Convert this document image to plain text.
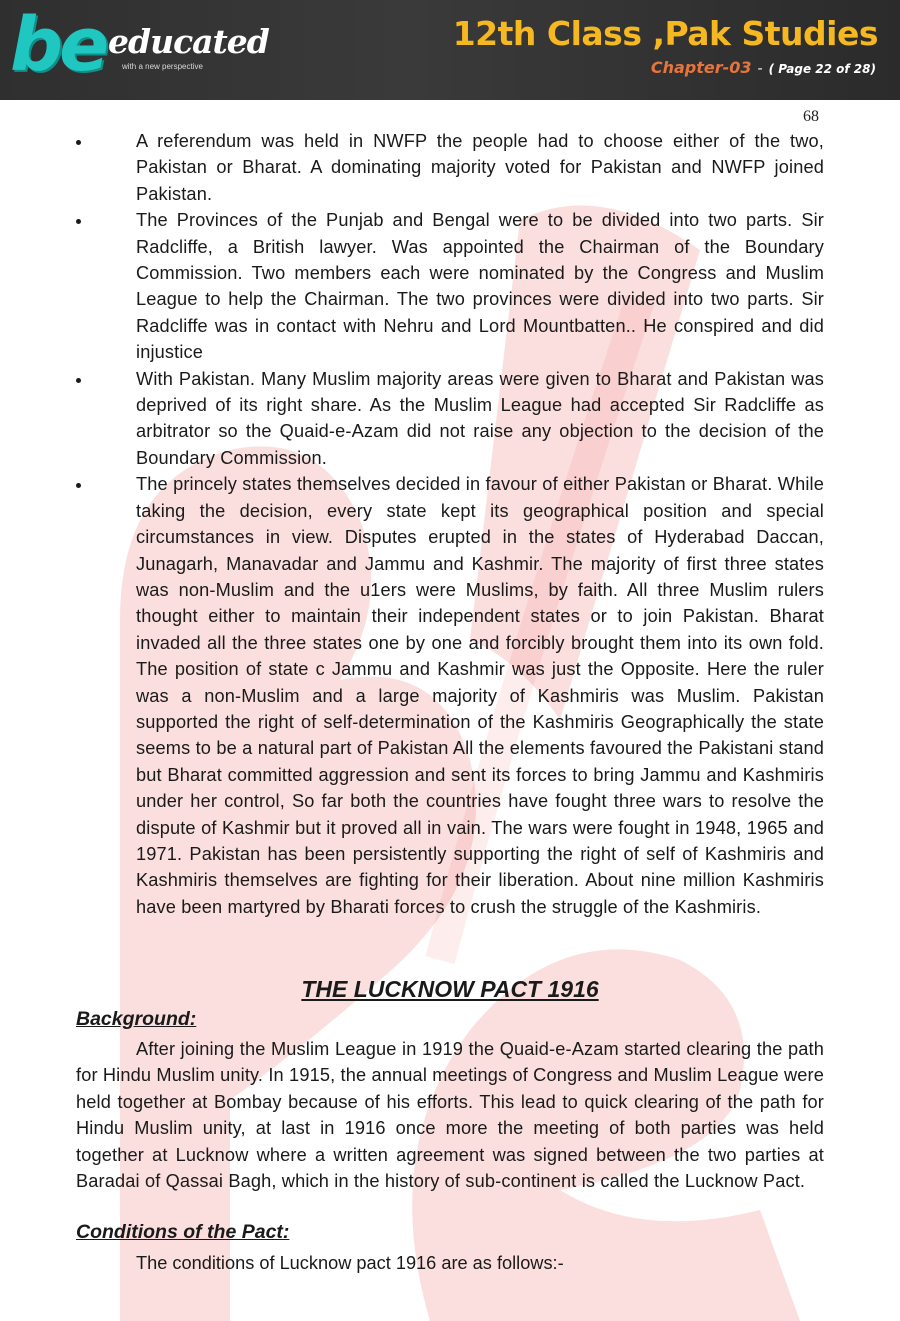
be educated
with a new perspective
12th Class ,Pak Studies
Chapter-03 - ( Page 22 of 28)
68

A referendum was held in NWFP the people had to choose either of the two, Pakistan or Bharat. A dominating majority voted for Pakistan and NWFP joined Pakistan.

The Provinces of the Punjab and Bengal were to be divided into two parts. Sir Radcliffe, a British lawyer. Was appointed the Chairman of the Boundary Commission. Two members each were nominated by the Congress and Muslim League to help the Chairman. The two provinces were divided into two parts. Sir Radcliffe was in contact with Nehru and Lord Mountbatten.. He conspired and did injustice

With Pakistan. Many Muslim majority areas were given to Bharat and Pakistan was deprived of its right share. As the Muslim League had accepted Sir Radcliffe as arbitrator so the Quaid-e-Azam did not raise any objection to the decision of the Boundary Commission.

The princely states themselves decided in favour of either Pakistan or Bharat. While taking the decision, every state kept its geographical position and special circumstances in view. Disputes erupted in the states of Hyderabad Daccan, Junagarh, Manavadar and Jammu and Kashmir. The majority of first three states was non-Muslim and the u1ers were Muslims, by faith. All three Muslim rulers thought either to maintain their independent states or to join Pakistan. Bharat invaded all the three states one by one and forcibly brought them into its own fold. The position of state c Jammu and Kashmir was just the Opposite. Here the ruler was a non-Muslim and a large majority of Kashmiris was Muslim. Pakistan supported the right of self-determination of the Kashmiris Geographically the state seems to be a natural part of Pakistan All the elements favoured the Pakistani stand but Bharat committed aggression and sent its forces to bring Jammu and Kashmiris under her control, So far both the countries have fought three wars to resolve the dispute of Kashmir but it proved all in vain. The wars were fought in 1948, 1965 and 1971. Pakistan has been persistently supporting the right of self of Kashmiris and Kashmiris themselves are fighting for their liberation. About nine million Kashmiris have been martyred by Bharati forces to crush the struggle of the Kashmiris.

THE LUCKNOW PACT 1916
Background:

After joining the Muslim League in 1919 the Quaid-e-Azam started clearing the path for Hindu Muslim unity. In 1915, the annual meetings of Congress and Muslim League were held together at Bombay because of his efforts. This lead to quick clearing of the path for Hindu Muslim unity, at last in 1916 once more the meeting of both parties was held together at Lucknow where a written agreement was signed between the two parties at Baradai of Qassai Bagh, which in the history of sub-continent is called the Lucknow Pact.

Conditions of the Pact:

The conditions of Lucknow pact 1916 are as follows:-
